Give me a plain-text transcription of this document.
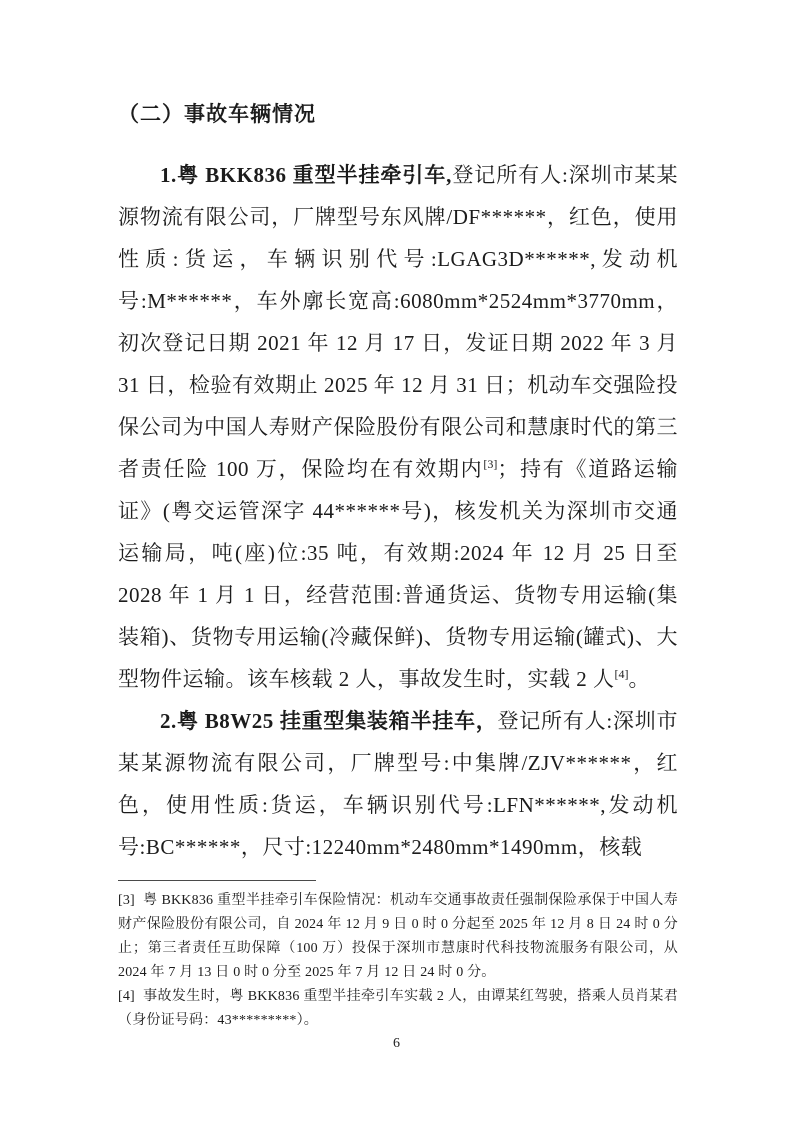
（二）事故车辆情况

1.粤 BKK836 重型半挂牵引车,登记所有人:深圳市某某源物流有限公司，厂牌型号东风牌/DF******，红色，使用性质:货运，车辆识别代号:LGAG3D******,发动机号:M******，车外廓长宽高:6080mm*2524mm*3770mm，初次登记日期 2021 年 12 月 17 日，发证日期 2022 年 3 月 31 日，检验有效期止 2025 年 12 月 31 日；机动车交强险投保公司为中国人寿财产保险股份有限公司和慧康时代的第三者责任险 100 万，保险均在有效期内[3]；持有《道路运输证》(粤交运管深字 44******号)，核发机关为深圳市交通运输局，吨(座)位:35 吨，有效期:2024 年 12 月 25 日至 2028 年 1 月 1 日，经营范围:普通货运、货物专用运输(集装箱)、货物专用运输(冷藏保鲜)、货物专用运输(罐式)、大型物件运输。该车核载 2 人，事故发生时，实载 2 人[4]。

2.粤 B8W25 挂重型集装箱半挂车，登记所有人:深圳市某某源物流有限公司，厂牌型号:中集牌/ZJV******，红色，使用性质:货运，车辆识别代号:LFN******,发动机号:BC******，尺寸:12240mm*2480mm*1490mm，核载

[3] 粤 BKK836 重型半挂牵引车保险情况：机动车交通事故责任强制保险承保于中国人寿财产保险股份有限公司，自 2024 年 12 月 9 日 0 时 0 分起至 2025 年 12 月 8 日 24 时 0 分止；第三者责任互助保障（100 万）投保于深圳市慧康时代科技物流服务有限公司，从 2024 年 7 月 13 日 0 时 0 分至 2025 年 7 月 12 日 24 时 0 分。

[4] 事故发生时，粤 BKK836 重型半挂牵引车实载 2 人，由谭某红驾驶，搭乘人员肖某君（身份证号码：43*********）。

6
